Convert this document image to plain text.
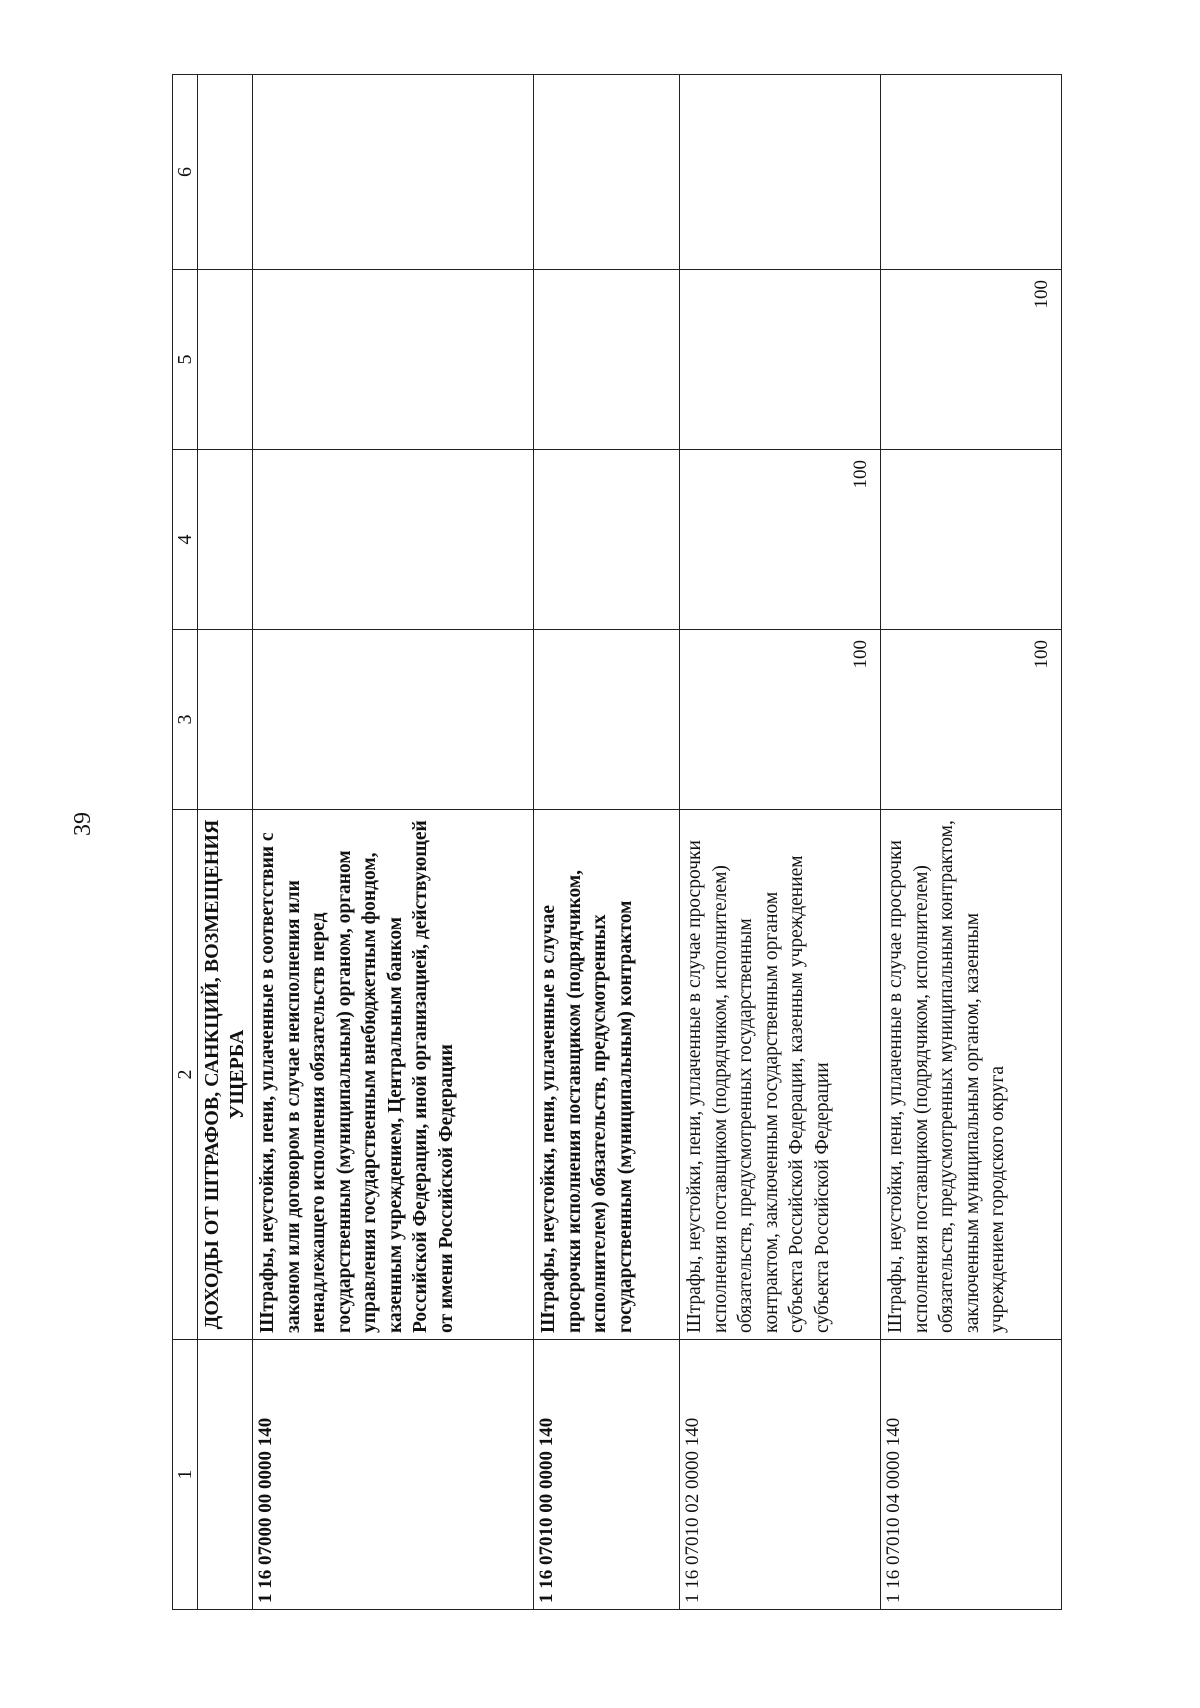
39
1	2	3	4	5	6
	ДОХОДЫ ОТ ШТРАФОВ, САНКЦИЙ, ВОЗМЕЩЕНИЯ УЩЕРБА				
1 16 07000 00 0000 140	Штрафы, неустойки, пени, уплаченные в соответствии с законом или договором в случае неисполнения или ненадлежащего исполнения обязательств перед государственным (муниципальным) органом, органом управления государственным внебюджетным фондом, казенным учреждением, Центральным банком Российской Федерации, иной организацией, действующей от имени Российской Федерации				
1 16 07010 00 0000 140	Штрафы, неустойки, пени, уплаченные в случае просрочки исполнения поставщиком (подрядчиком, исполнителем) обязательств, предусмотренных государственным (муниципальным) контрактом				
1 16 07010 02 0000 140	Штрафы, неустойки, пени, уплаченные в случае просрочки исполнения поставщиком (подрядчиком, исполнителем) обязательств, предусмотренных государственным контрактом, заключенным государственным органом субъекта Российской Федерации, казенным учреждением субъекта Российской Федерации	100	100		
1 16 07010 04 0000 140	Штрафы, неустойки, пени, уплаченные в случае просрочки исполнения поставщиком (подрядчиком, исполнителем) обязательств, предусмотренных муниципальным контрактом, заключенным муниципальным органом, казенным учреждением городского округа	100		100	
